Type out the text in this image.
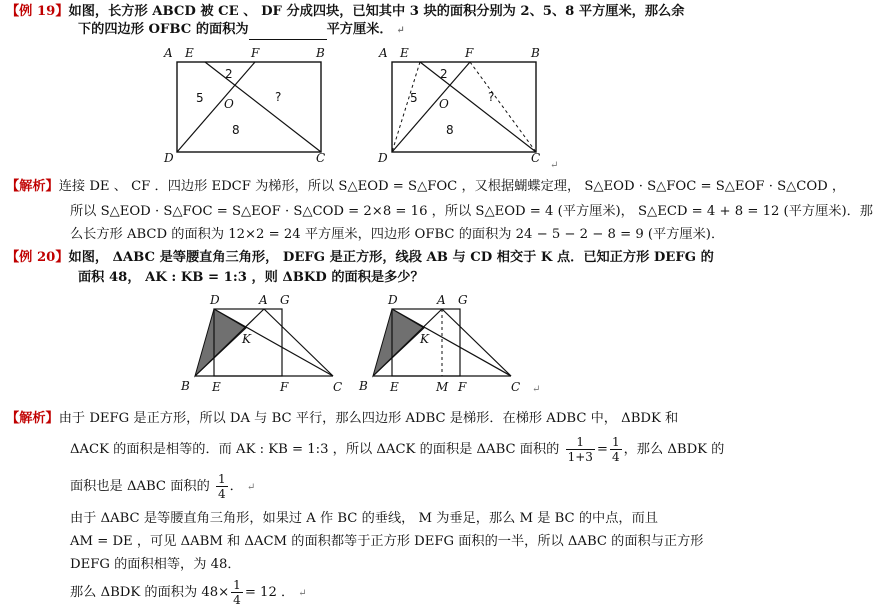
【例 19】如图，长方形 ABCD 被 CE 、 DF 分成四块，已知其中 3 块的面积分别为 2、5、8 平方厘米，那么余
下的四边形 OFBC 的面积为	平方厘米． ↵
A E	F	B
D	C
O
2
5
8
?
A E	F	B
D	C
O
2
5
8
?
↵
【解析】连接 DE 、 CF ．四边形 EDCF 为梯形，所以 S△EOD = S△FOC ，又根据蝴蝶定理， S△EOD · S△FOC = S△EOF · S△COD ，
所以 S△EOD · S△FOC = S△EOF · S△COD = 2×8 = 16 ，所以 S△EOD = 4 (平方厘米)， S△ECD = 4 + 8 = 12 (平方厘米)．那
么长方形 ABCD 的面积为 12×2 = 24 平方厘米，四边形 OFBC 的面积为 24 − 5 − 2 − 8 = 9 (平方厘米)．
【例 20】如图， ΔABC 是等腰直角三角形， DEFG 是正方形，线段 AB 与 CD 相交于 K 点．已知正方形 DEFG 的
面积 48， AK : KB = 1:3 ，则 ΔBKD 的面积是多少？
D	A G
K
B E	F	C
D	A G
K
B E	M F	C ↵
【解析】由于 DEFG 是正方形，所以 DA 与 BC 平行，那么四边形 ADBC 是梯形．在梯形 ADBC 中， ΔBDK 和
ΔACK 的面积是相等的．而 AK : KB = 1:3 ，所以 ΔACK 的面积是 ΔABC 面积的 $\frac{1}{1+3} = \frac{1}{4}$ ，那么 ΔBDK 的
面积也是 ΔABC 面积的 $\frac{1}{4}$ ． ↵
由于 ΔABC 是等腰直角三角形，如果过 A 作 BC 的垂线， M 为垂足，那么 M 是 BC 的中点，而且
AM = DE ，可见 ΔABM 和 ΔACM 的面积都等于正方形 DEFG 面积的一半，所以 ΔABC 的面积与正方形
DEFG 的面积相等，为 48．
那么 ΔBDK 的面积为 $48\times \frac{1}{4} = 12$ ． ↵
